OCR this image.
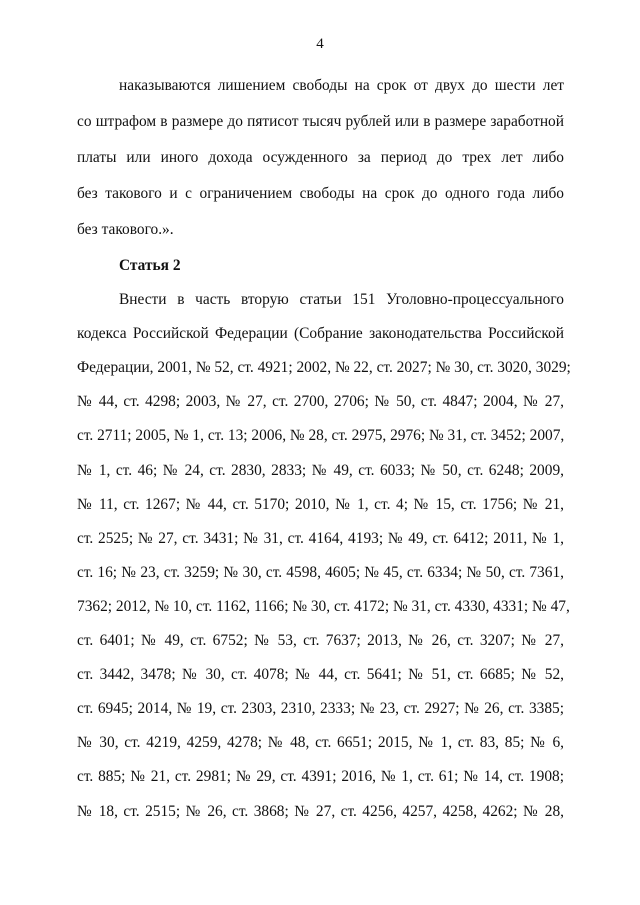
4
наказываются лишением свободы на срок от двух до шести лет
со штрафом в размере до пятисот тысяч рублей или в размере заработной
платы или иного дохода осужденного за период до трех лет либо
без такового и с ограничением свободы на срок до одного года либо
без такового.».
Статья 2
Внести в часть вторую статьи 151 Уголовно-процессуального
кодекса Российской Федерации (Собрание законодательства Российской
Федерации, 2001, № 52, ст. 4921; 2002, № 22, ст. 2027; № 30, ст. 3020, 3029;
№ 44, ст. 4298; 2003, № 27, ст. 2700, 2706; № 50, ст. 4847; 2004, № 27,
ст. 2711; 2005, № 1, ст. 13; 2006, № 28, ст. 2975, 2976; № 31, ст. 3452; 2007,
№ 1, ст. 46; № 24, ст. 2830, 2833; № 49, ст. 6033; № 50, ст. 6248; 2009,
№ 11, ст. 1267; № 44, ст. 5170; 2010, № 1, ст. 4; № 15, ст. 1756; № 21,
ст. 2525; № 27, ст. 3431; № 31, ст. 4164, 4193; № 49, ст. 6412; 2011, № 1,
ст. 16; № 23, ст. 3259; № 30, ст. 4598, 4605; № 45, ст. 6334; № 50, ст. 7361,
7362; 2012, № 10, ст. 1162, 1166; № 30, ст. 4172; № 31, ст. 4330, 4331; № 47,
ст. 6401; № 49, ст. 6752; № 53, ст. 7637; 2013, № 26, ст. 3207; № 27,
ст. 3442, 3478; № 30, ст. 4078; № 44, ст. 5641; № 51, ст. 6685; № 52,
ст. 6945; 2014, № 19, ст. 2303, 2310, 2333; № 23, ст. 2927; № 26, ст. 3385;
№ 30, ст. 4219, 4259, 4278; № 48, ст. 6651; 2015, № 1, ст. 83, 85; № 6,
ст. 885; № 21, ст. 2981; № 29, ст. 4391; 2016, № 1, ст. 61; № 14, ст. 1908;
№ 18, ст. 2515; № 26, ст. 3868; № 27, ст. 4256, 4257, 4258, 4262; № 28,
